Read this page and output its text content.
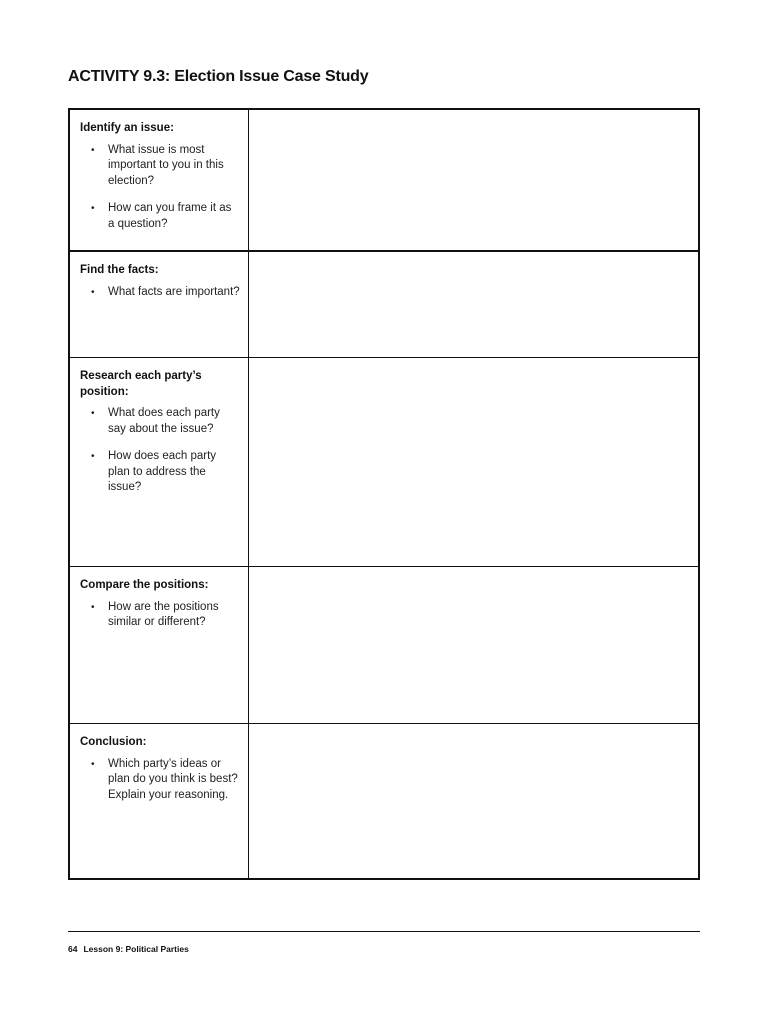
ACTIVITY 9.3: Election Issue Case Study
Identify an issue:
• What issue is most important to you in this election?
• How can you frame it as a question?
Find the facts:
• What facts are important?
Research each party’s position:
• What does each party say about the issue?
• How does each party plan to address the issue?
Compare the positions:
• How are the positions similar or different?
Conclusion:
• Which party’s ideas or plan do you think is best? Explain your reasoning.
64 Lesson 9: Political Parties
